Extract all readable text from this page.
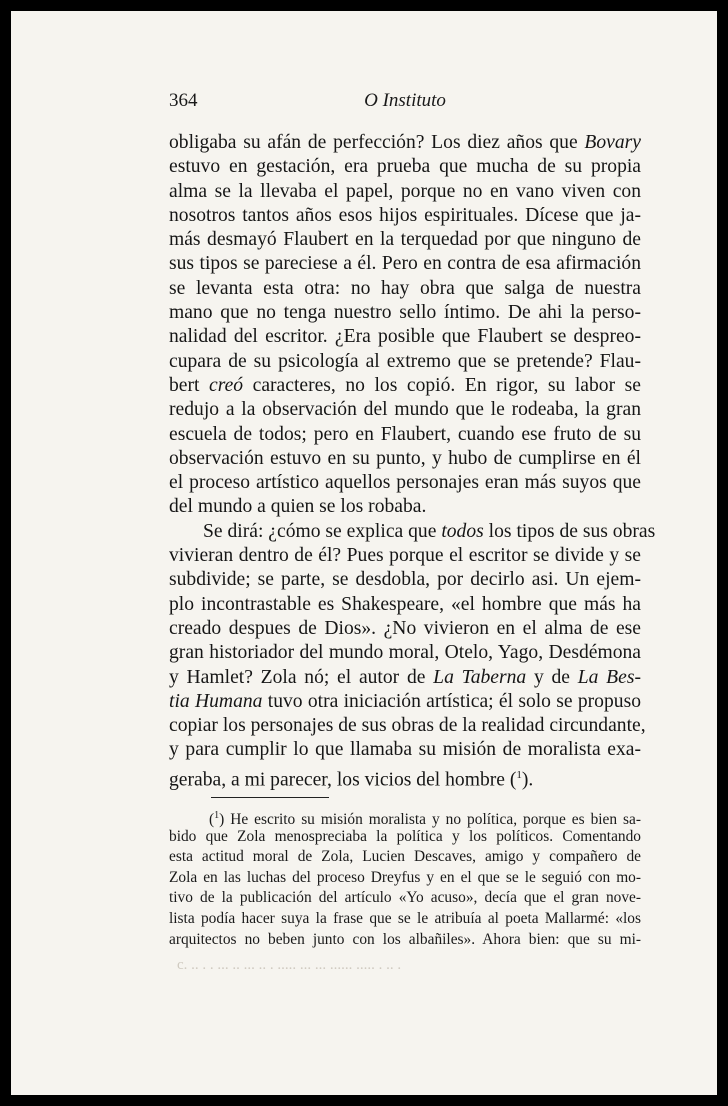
364	O Instituto
obligaba su afán de perfección? Los diez años que Bovary
estuvo en gestación, era prueba que mucha de su propia
alma se la llevaba el papel, porque no en vano viven con
nosotros tantos años esos hijos espirituales. Dícese que ja-
más desmayó Flaubert en la terquedad por que ninguno de
sus tipos se pareciese a él. Pero en contra de esa afirmación
se levanta esta otra: no hay obra que salga de nuestra
mano que no tenga nuestro sello íntimo. De ahi la perso-
nalidad del escritor. ¿Era posible que Flaubert se despreo-
cupara de su psicología al extremo que se pretende? Flau-
bert creó caracteres, no los copió. En rigor, su labor se
redujo a la observación del mundo que le rodeaba, la gran
escuela de todos; pero en Flaubert, cuando ese fruto de su
observación estuvo en su punto, y hubo de cumplirse en él
el proceso artístico aquellos personajes eran más suyos que
del mundo a quien se los robaba.
Se dirá: ¿cómo se explica que todos los tipos de sus obras
vivieran dentro de él? Pues porque el escritor se divide y se
subdivide; se parte, se desdobla, por decirlo asi. Un ejem-
plo incontrastable es Shakespeare, «el hombre que más ha
creado despues de Dios». ¿No vivieron en el alma de ese
gran historiador del mundo moral, Otelo, Yago, Desdémona
y Hamlet? Zola nó; el autor de La Taberna y de La Bes-
tia Humana tuvo otra iniciación artística; él solo se propuso
copiar los personajes de sus obras de la realidad circundante,
y para cumplir lo que llamaba su misión de moralista exa-
geraba, a mi parecer, los vicios del hombre ($^1$).
($^1$) He escrito su misión moralista y no política, porque es bien sa-
bido que Zola menospreciaba la política y los políticos. Comentando
esta actitud moral de Zola, Lucien Descaves, amigo y compañero de
Zola en las luchas del proceso Dreyfus y en el que se le seguió con mo-
tivo de la publicación del artículo «Yo acuso», decía que el gran nove-
lista podía hacer suya la frase que se le atribuía al poeta Mallarmé: «los
arquitectos no beben junto con los albañiles». Ahora bien: que su mi-
c. .. . . ... .. ... .. . ..... ... ... ...... ..... . .. .
